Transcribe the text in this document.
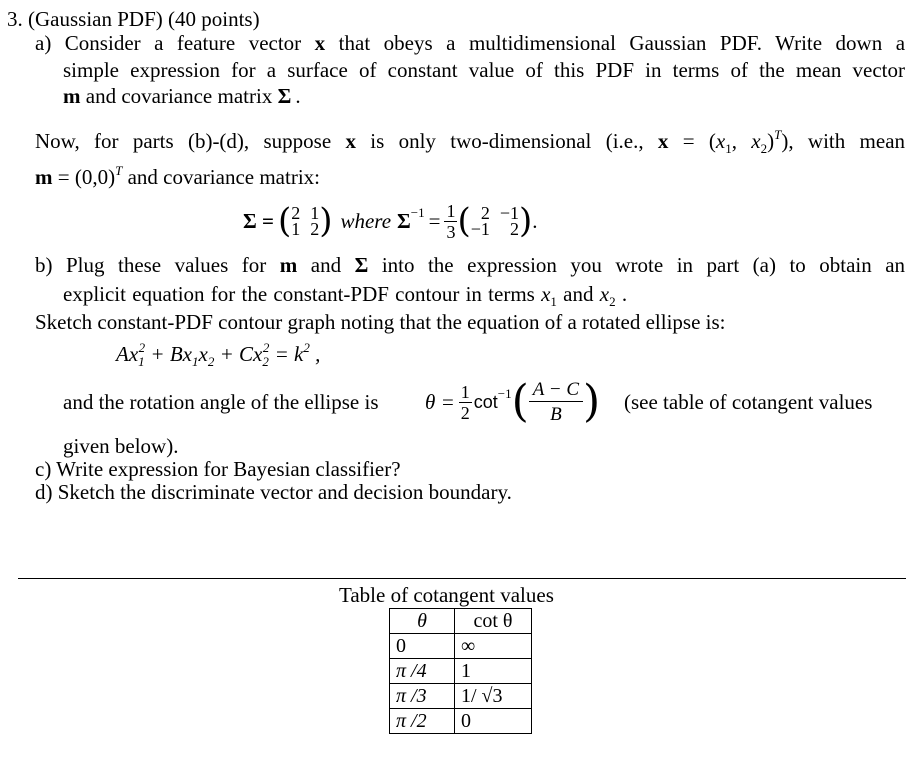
3. (Gaussian PDF) (40 points)
a) Consider a feature vector x that obeys a multidimensional Gaussian PDF. Write down a
simple expression for a surface of constant value of this PDF in terms of the mean vector
m and covariance matrix Σ .
Now, for parts (b)-(d), suppose x is only two-dimensional (i.e., $x = (x_1$, $x_2)^T$), with mean
$m = (0,0)^T$ and covariance matrix:
Σ = ( 2 1
1 2 ) where $\Sigma -1 = \frac{1}{3}$ ( 2 −1
−1	2 ) .
b) Plug these values for m and Σ into the expression you wrote in part (a) to obtain an
explicit equation for the constant-PDF contour in terms $x_1$ and $x_2$ .
Sketch constant-PDF contour graph noting that the equation of a rotated ellipse is:
$Ax_1^2 + Bx_1x_2 + Cx_2^2 = k^2$ ,
and the rotation angle of the ellipse is $\theta = \frac{1}{2}$ cot −1 ( $\frac{A - C}{B}$ ) (see table of cotangent values
given below).
c) Write expression for Bayesian classifier?
d) Sketch the discriminate vector and decision boundary.
Table of cotangent values
θ	cot θ
0	∞
π /4	1
π /3	1/ √3
π /2	0
